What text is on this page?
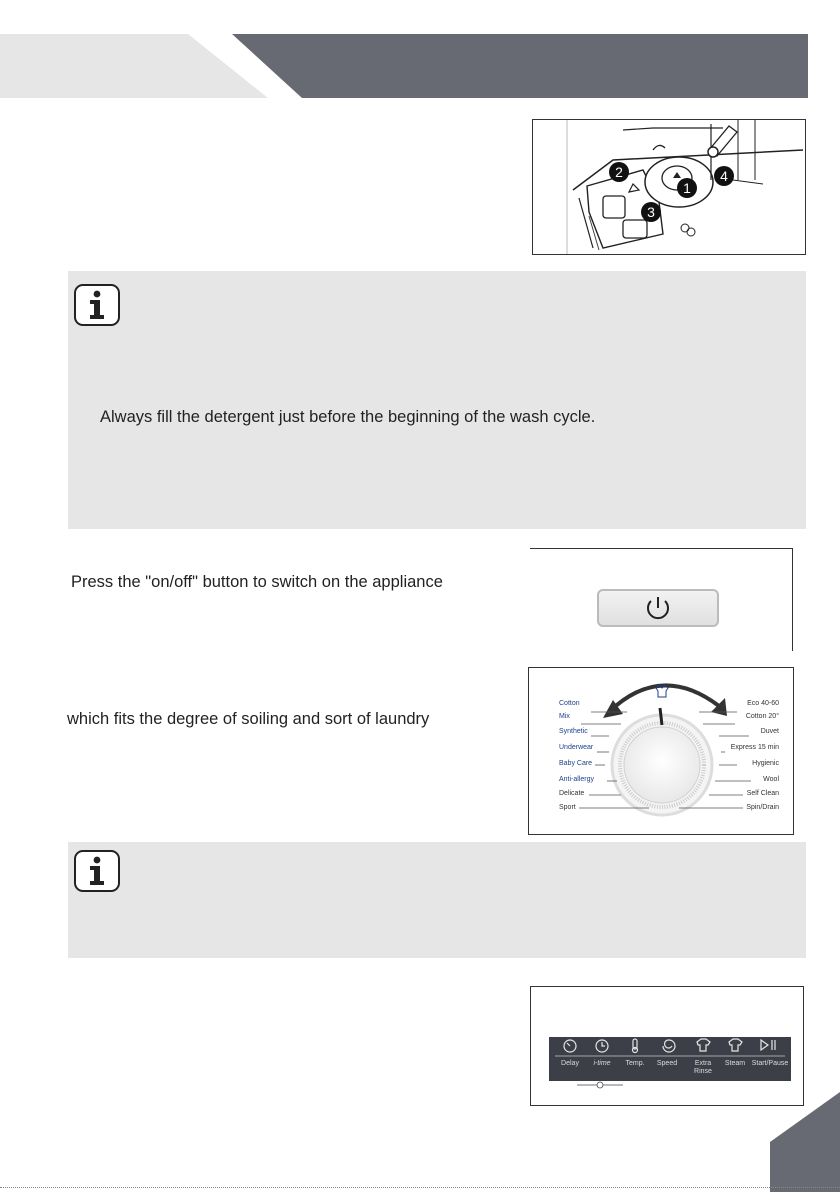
1
2
3
4
Always fill the detergent just before the beginning of the wash cycle.
Press the "on/off" button to switch on the appliance
which fits the degree of soiling and sort of laundry
Cotton
Mix
Synthetic
Underwear
Baby Care
Anti-allergy
Delicate
Sport
Eco 40-60
Cotton 20°
Duvet
Express 15 min
Hygienic
Wool
Self Clean
Spin/Drain
Delay	i-time	Temp.	Speed	Extra Rinse
Steam Start/Pause
